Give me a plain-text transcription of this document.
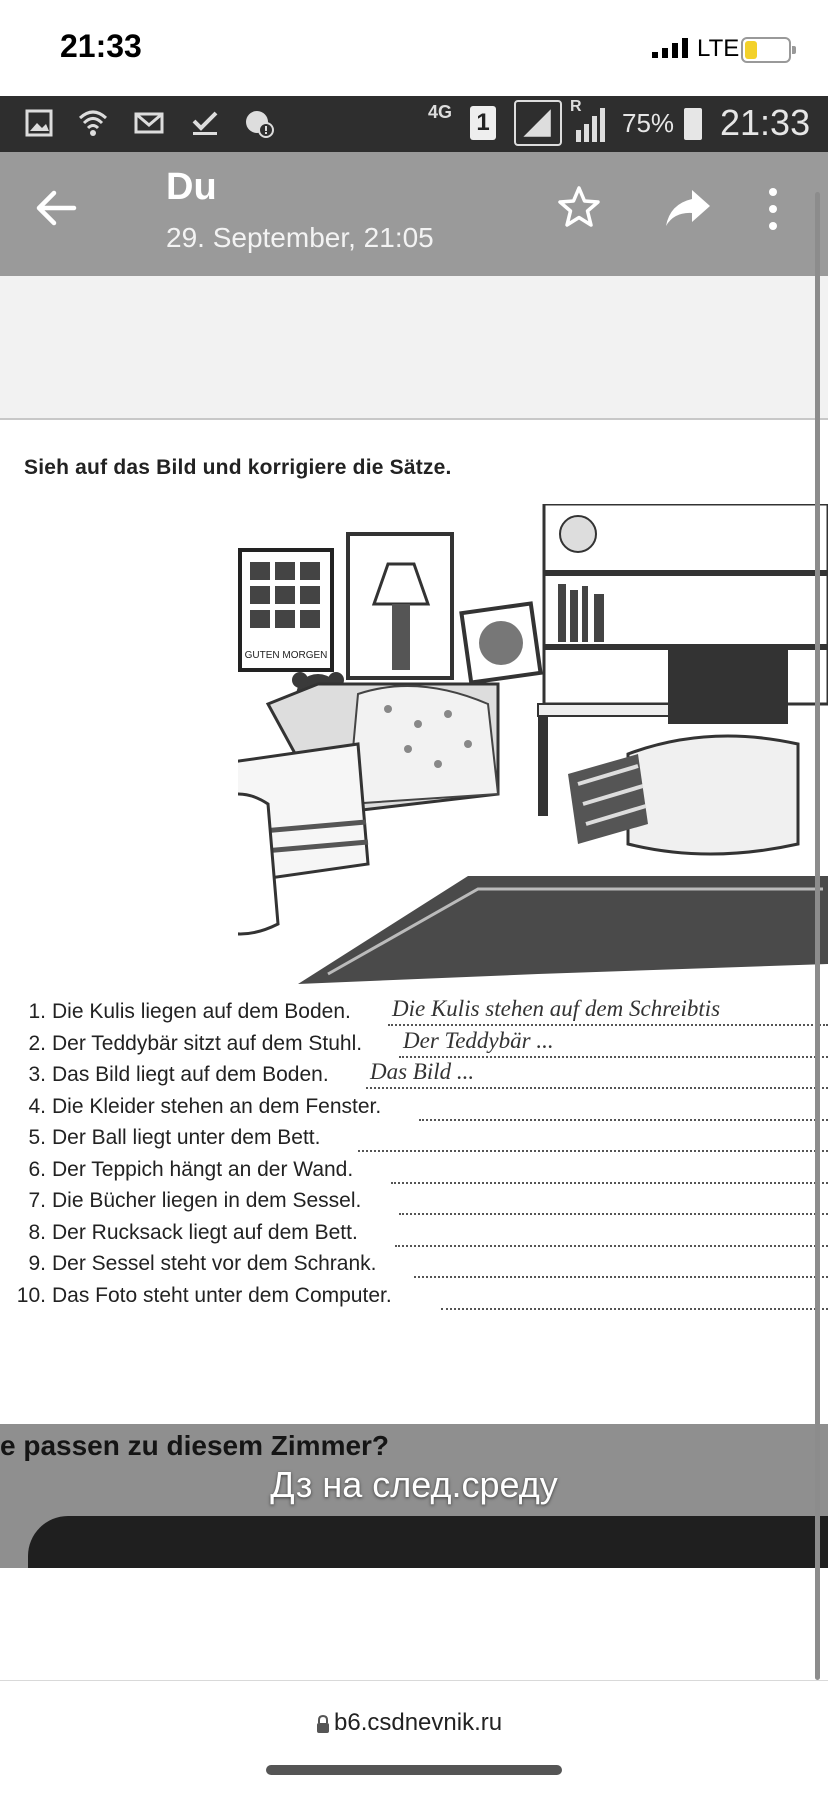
21:33	LTE
4G 1
R
75% 21:33
Du
29. September, 21:05
Sieh auf das Bild und korrigiere die Sätze.
GUTEN MORGEN
1. Die Kulis liegen auf dem Boden. Die Kulis stehen auf dem Schreibtis
2. Der Teddybär sitzt auf dem Stuhl. Der Teddybär ...
3. Das Bild liegt auf dem Boden. Das Bild ...
4. Die Kleider stehen an dem Fenster.
5. Der Ball liegt unter dem Bett.
6. Der Teppich hängt an der Wand.
7. Die Bücher liegen in dem Sessel.
8. Der Rucksack liegt auf dem Bett.
9. Der Sessel steht vor dem Schrank.
10. Das Foto steht unter dem Computer.
e passen zu diesem Zimmer?
Дз на след.среду
b6.csdnevnik.ru
